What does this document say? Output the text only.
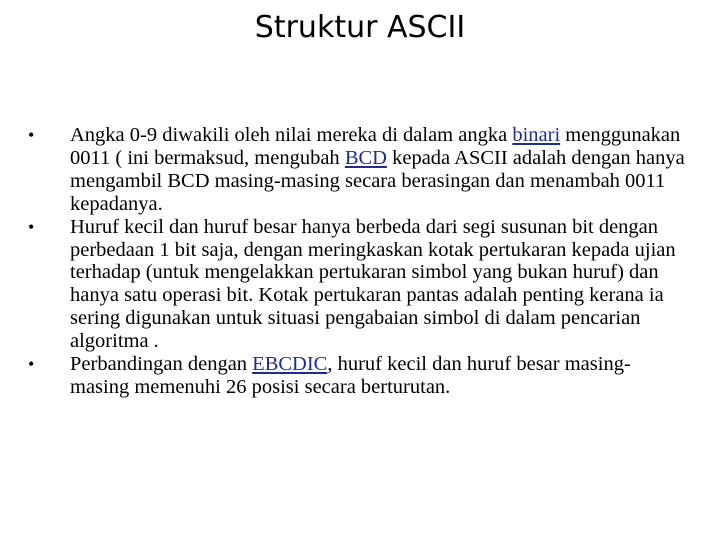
Struktur ASCII
•	Angka 0-9 diwakili oleh nilai mereka di dalam angka binari menggunakan 0011 ( ini bermaksud, mengubah BCD kepada ASCII adalah dengan hanya mengambil BCD masing-masing secara berasingan dan menambah 0011 kepadanya.
•	Huruf kecil dan huruf besar hanya berbeda dari segi susunan bit dengan perbedaan 1 bit saja, dengan meringkaskan kotak pertukaran kepada ujian terhadap (untuk mengelakkan pertukaran simbol yang bukan huruf) dan hanya satu operasi bit. Kotak pertukaran pantas adalah penting kerana ia sering digunakan untuk situasi pengabaian simbol di dalam pencarian algoritma .
•	Perbandingan dengan EBCDIC, huruf kecil dan huruf besar masing-masing memenuhi 26 posisi secara berturutan.
